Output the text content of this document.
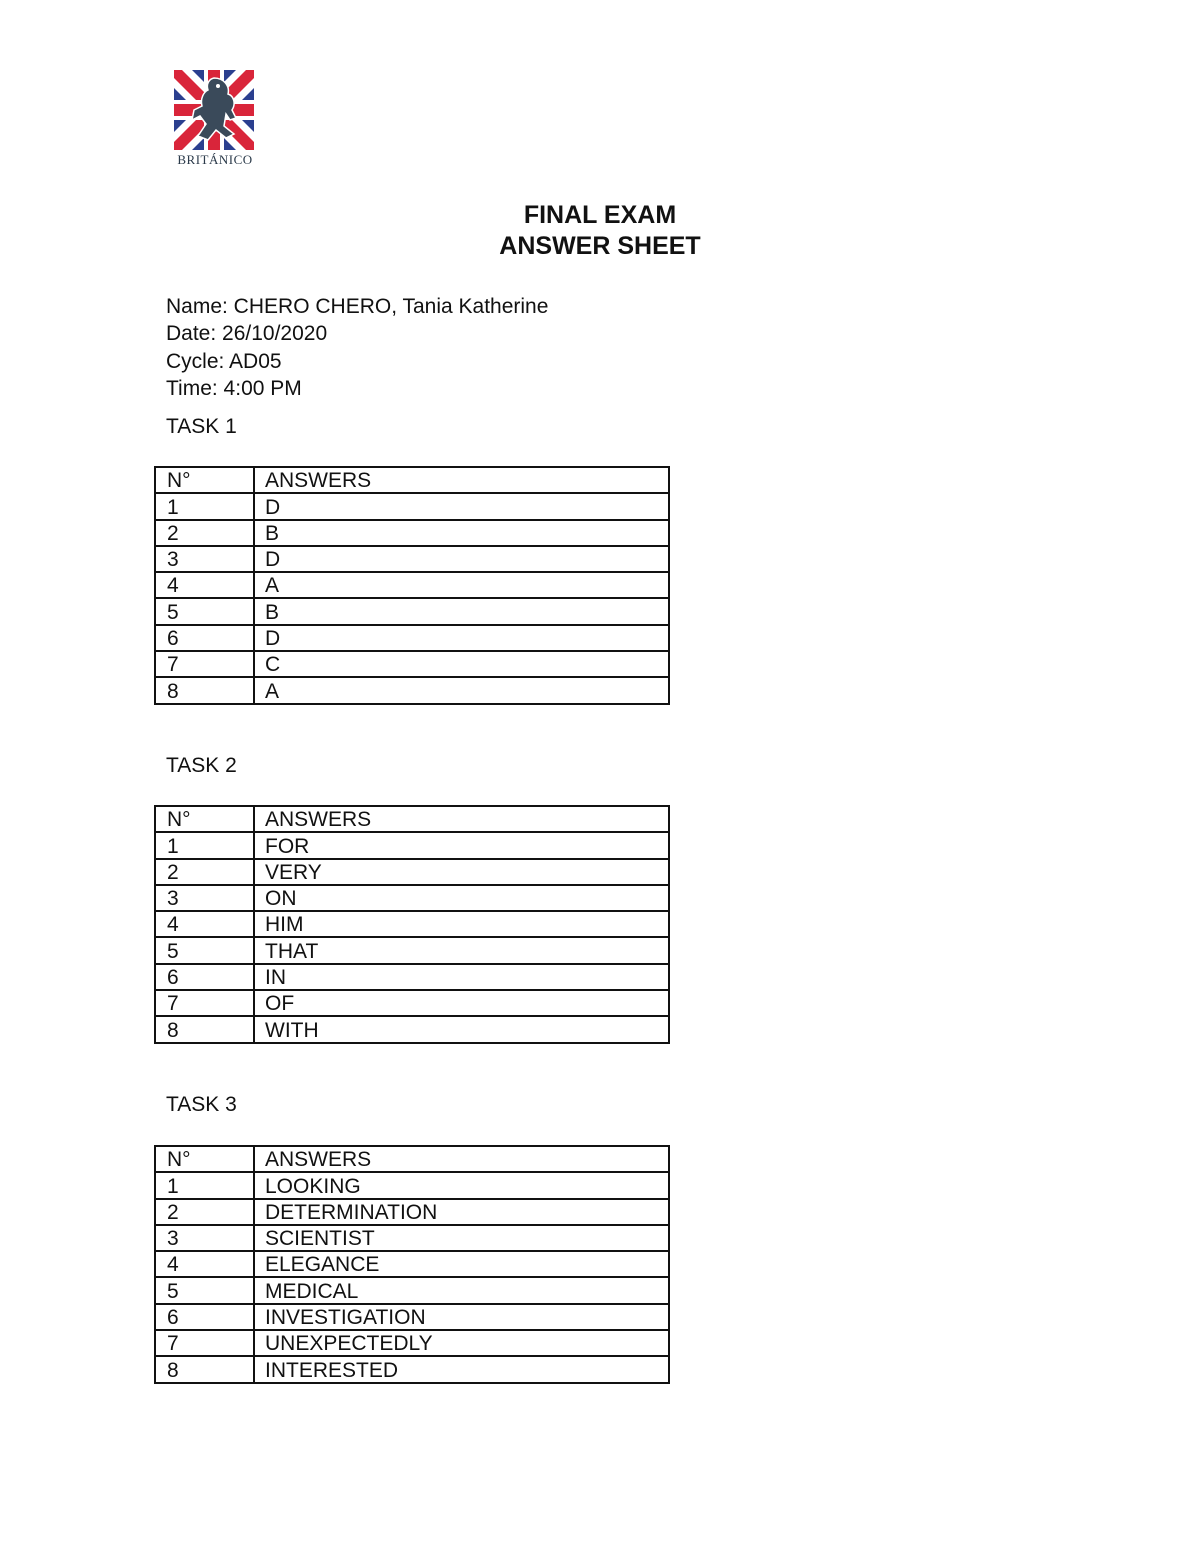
BRITÁNICO
FINAL EXAM
ANSWER SHEET
Name: CHERO CHERO, Tania Katherine
Date: 26/10/2020
Cycle: AD05
Time: 4:00 PM
TASK 1
N°	ANSWERS
1	D
2	B
3	D
4	A
5	B
6	D
7	C
8	A
TASK 2
N°	ANSWERS
1	FOR
2	VERY
3	ON
4	HIM
5	THAT
6	IN
7	OF
8	WITH
TASK 3
N°	ANSWERS
1	LOOKING
2	DETERMINATION
3	SCIENTIST
4	ELEGANCE
5	MEDICAL
6	INVESTIGATION
7	UNEXPECTEDLY
8	INTERESTED
